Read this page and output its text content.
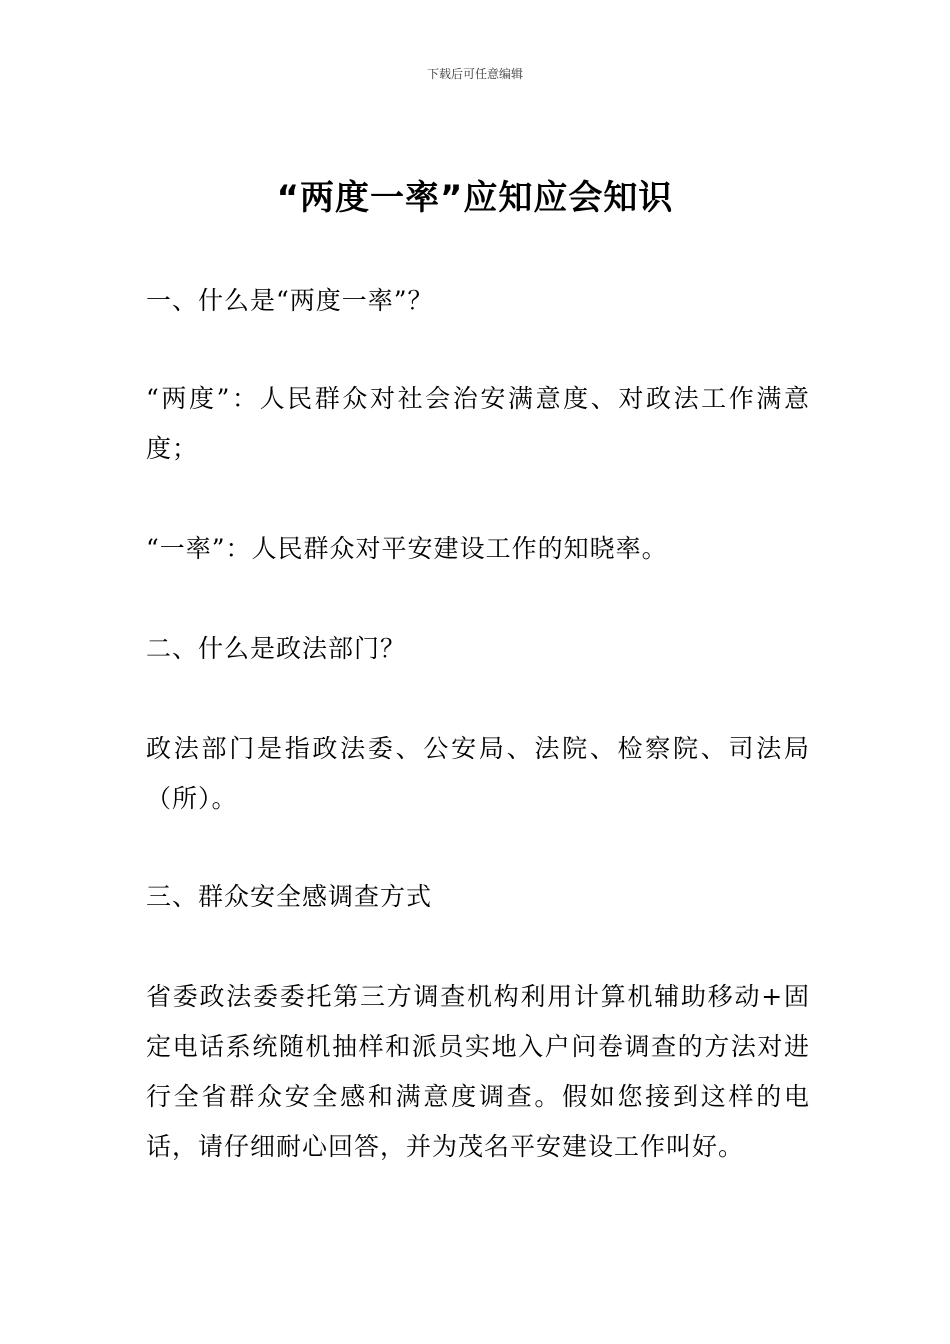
下载后可任意编辑
“两度一率”应知应会知识

一、什么是“两度一率”？

“两度”：人民群众对社会治安满意度、对政法工作满意度；

“一率”：人民群众对平安建设工作的知晓率。

二、什么是政法部门？

政法部门是指政法委、公安局、法院、检察院、司法局（所）。

三、群众安全感调查方式

省委政法委委托第三方调查机构利用计算机辅助移动+固定电话系统随机抽样和派员实地入户问卷调查的方法对进行全省群众安全感和满意度调查。假如您接到这样的电话，请仔细耐心回答，并为茂名平安建设工作叫好。
